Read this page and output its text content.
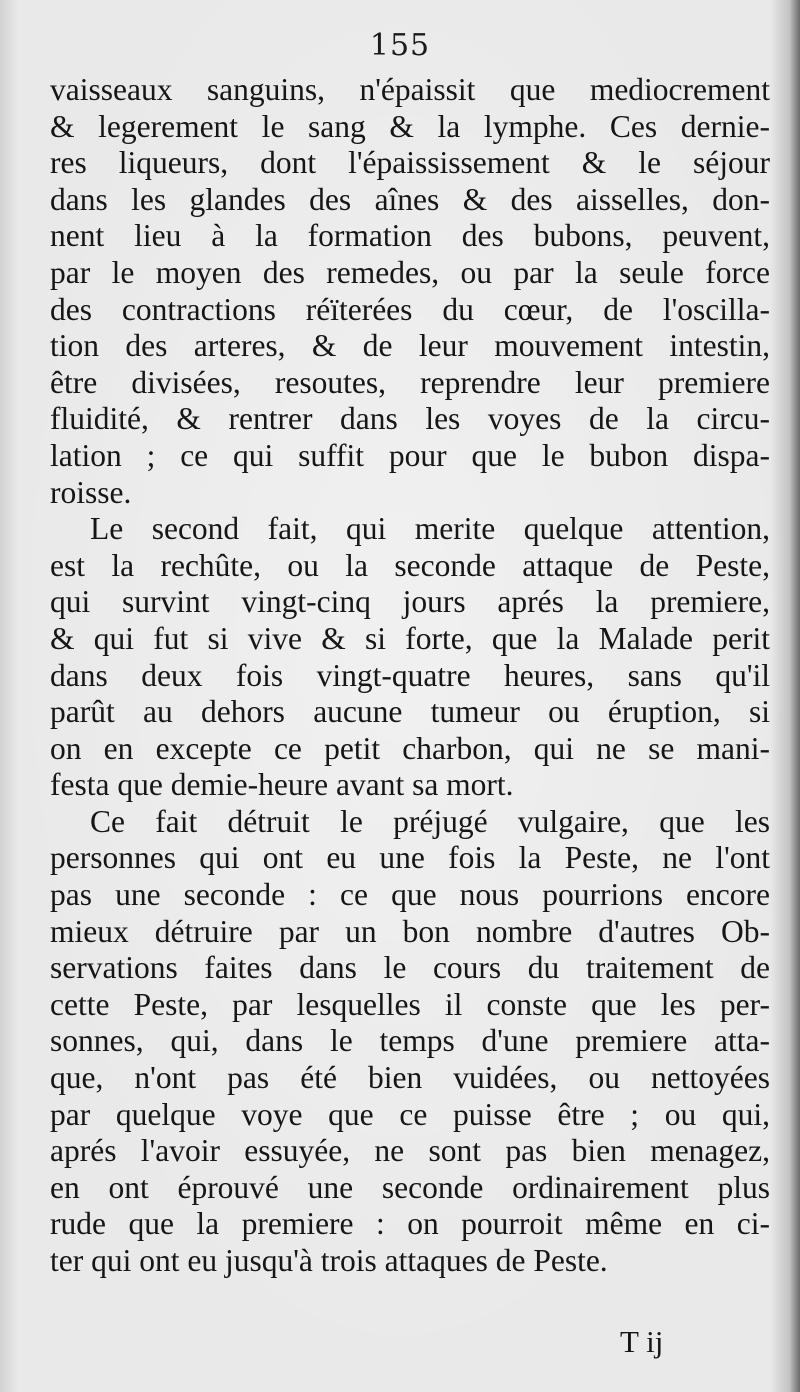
155
vaisseaux sanguins, n'épaissit que mediocrement
& legerement le sang & la lymphe. Ces dernie-
res liqueurs, dont l'épaississement & le séjour
dans les glandes des aînes & des aisselles, don-
nent lieu à la formation des bubons, peuvent,
par le moyen des remedes, ou par la seule force
des contractions réïterées du cœur, de l'oscilla-
tion des arteres, & de leur mouvement intestin,
être divisées, resoutes, reprendre leur premiere
fluidité, & rentrer dans les voyes de la circu-
lation ; ce qui suffit pour que le bubon dispa-
roisse.
Le second fait, qui merite quelque attention,
est la rechûte, ou la seconde attaque de Peste,
qui survint vingt-cinq jours aprés la premiere,
& qui fut si vive & si forte, que la Malade perit
dans deux fois vingt-quatre heures, sans qu'il
parût au dehors aucune tumeur ou éruption, si
on en excepte ce petit charbon, qui ne se mani-
festa que demie-heure avant sa mort.
Ce fait détruit le préjugé vulgaire, que les
personnes qui ont eu une fois la Peste, ne l'ont
pas une seconde : ce que nous pourrions encore
mieux détruire par un bon nombre d'autres Ob-
servations faites dans le cours du traitement de
cette Peste, par lesquelles il conste que les per-
sonnes, qui, dans le temps d'une premiere atta-
que, n'ont pas été bien vuidées, ou nettoyées
par quelque voye que ce puisse être ; ou qui,
aprés l'avoir essuyée, ne sont pas bien menagez,
en ont éprouvé une seconde ordinairement plus
rude que la premiere : on pourroit même en ci-
ter qui ont eu jusqu'à trois attaques de Peste.
T ij
